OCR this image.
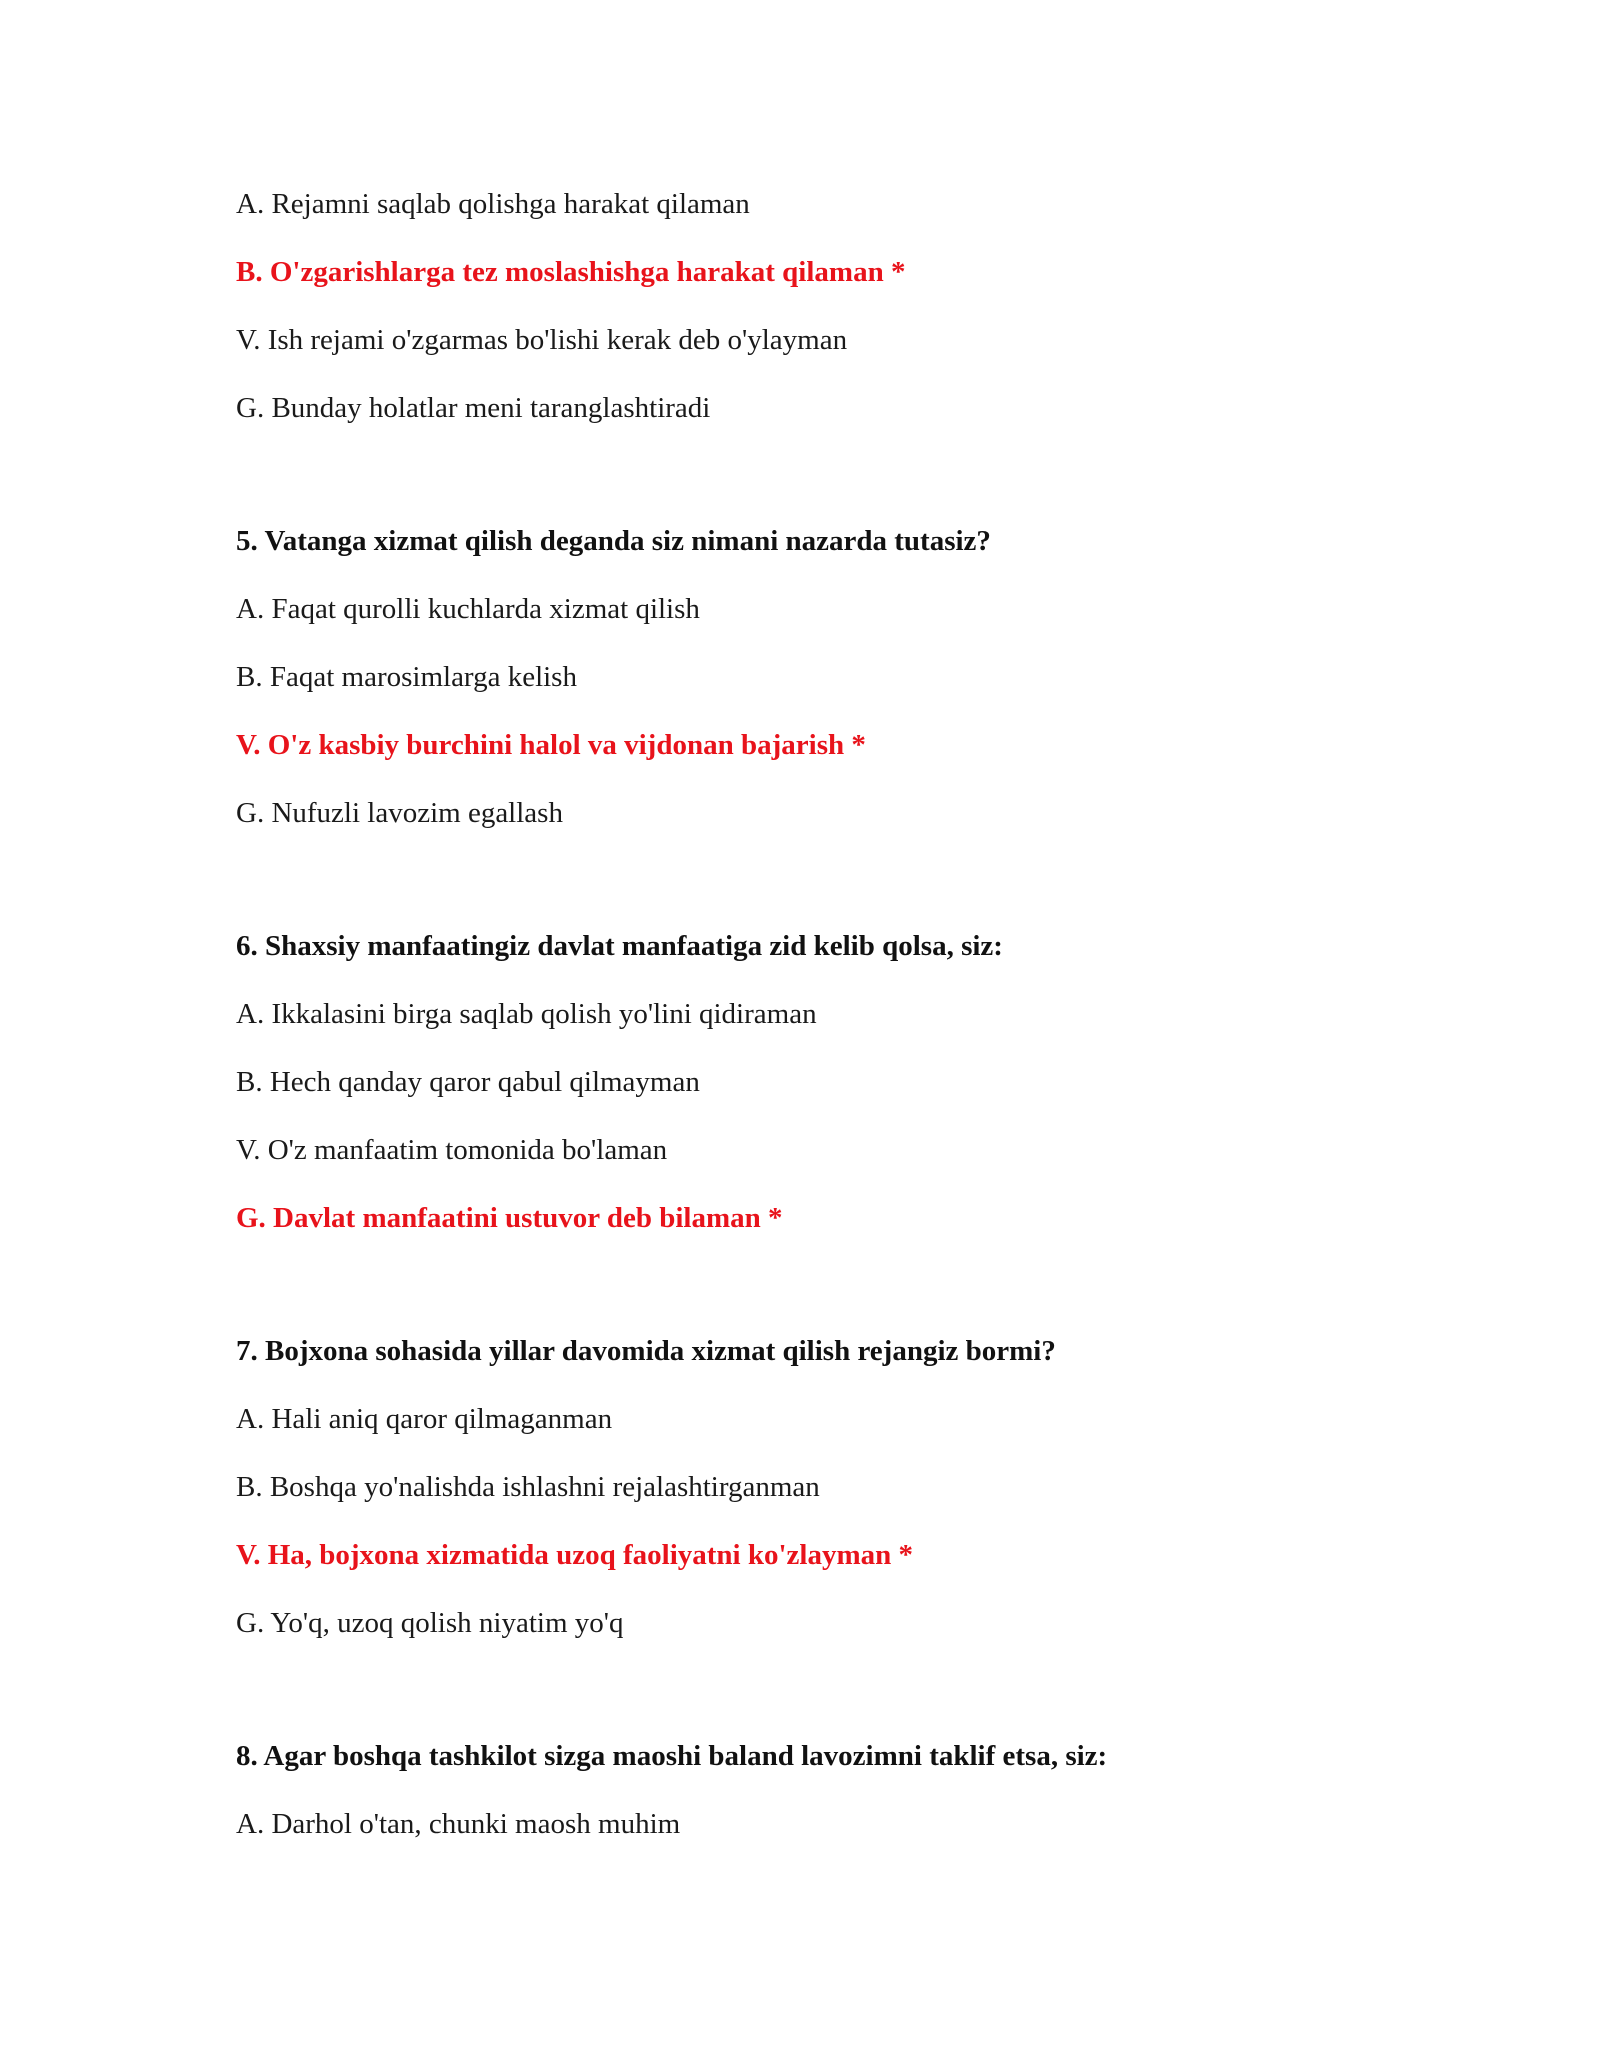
A. Rejamni saqlab qolishga harakat qilaman
B. O'zgarishlarga tez moslashishga harakat qilaman *
V. Ish rejami o'zgarmas bo'lishi kerak deb o'ylayman
G. Bunday holatlar meni taranglashtiradi
5. Vatanga xizmat qilish deganda siz nimani nazarda tutasiz?
A. Faqat qurolli kuchlarda xizmat qilish
B. Faqat marosimlarga kelish
V. O'z kasbiy burchini halol va vijdonan bajarish *
G. Nufuzli lavozim egallash
6. Shaxsiy manfaatingiz davlat manfaatiga zid kelib qolsa, siz:
A. Ikkalasini birga saqlab qolish yo'lini qidiraman
B. Hech qanday qaror qabul qilmayman
V. O'z manfaatim tomonida bo'laman
G. Davlat manfaatini ustuvor deb bilaman *
7. Bojxona sohasida yillar davomida xizmat qilish rejangiz bormi?
A. Hali aniq qaror qilmaganman
B. Boshqa yo'nalishda ishlashni rejalashtirganman
V. Ha, bojxona xizmatida uzoq faoliyatni ko'zlayman *
G. Yo'q, uzoq qolish niyatim yo'q
8. Agar boshqa tashkilot sizga maoshi baland lavozimni taklif etsa, siz:
A. Darhol o'tan, chunki maosh muhim
